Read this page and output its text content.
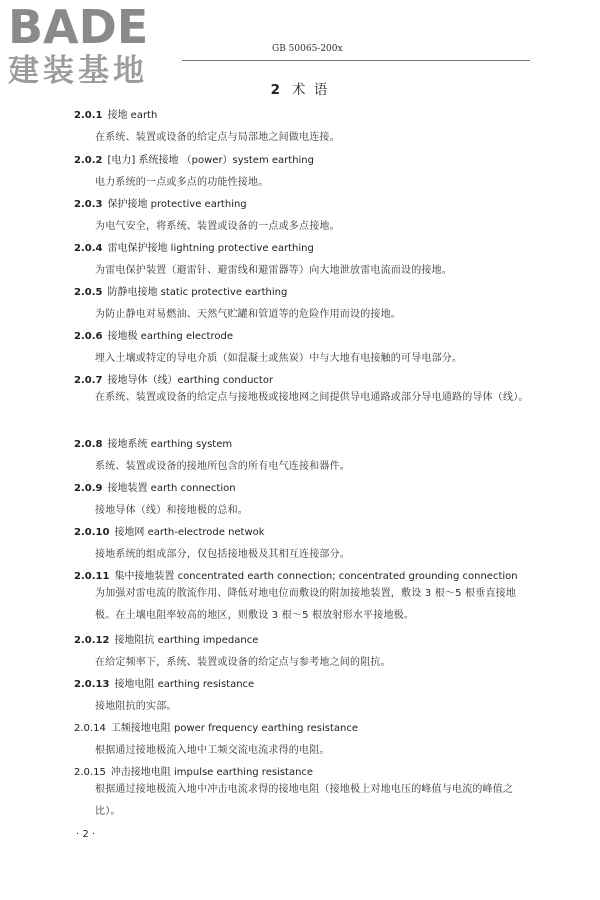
BADE
建装基地
GB 50065-200x
2 术 语
2.0.1 接地 earth
在系统、装置或设备的给定点与局部地之间做电连接。
2.0.2 [电力] 系统接地 （power）system earthing
电力系统的一点或多点的功能性接地。
2.0.3 保护接地 protective earthing
为电气安全，将系统、装置或设备的一点或多点接地。
2.0.4 雷电保护接地 lightning protective earthing
为雷电保护装置（避雷针、避雷线和避雷器等）向大地泄放雷电流而设的接地。
2.0.5 防静电接地 static protective earthing
为防止静电对易燃油、天然气贮罐和管道等的危险作用而设的接地。
2.0.6 接地极 earthing electrode
埋入土壤或特定的导电介质（如混凝土或焦炭）中与大地有电接触的可导电部分。
2.0.7 接地导体（线）earthing conductor
在系统、装置或设备的给定点与接地极或接地网之间提供导电通路或部分导电通路的导体（线）。
2.0.8 接地系统 earthing system
系统、装置或设备的接地所包含的所有电气连接和器件。
2.0.9 接地装置 earth connection
接地导体（线）和接地极的总和。
2.0.10 接地网 earth-electrode netwok
接地系统的组成部分，仅包括接地极及其相互连接部分。
2.0.11 集中接地装置 concentrated earth connection; concentrated grounding connection
为加强对雷电流的散流作用、降低对地电位而敷设的附加接地装置，敷设 3 根～5 根垂直接地极。在土壤电阻率较高的地区，则敷设 3 根～5 根放射形水平接地极。
2.0.12 接地阻抗 earthing impedance
在给定频率下，系统、装置或设备的给定点与参考地之间的阻抗。
2.0.13 接地电阻 earthing resistance
接地阻抗的实部。
2.0.14 工频接地电阻 power frequency earthing resistance
根据通过接地极流入地中工频交流电流求得的电阻。
2.0.15 冲击接地电阻 impulse earthing resistance
根据通过接地极流入地中冲击电流求得的接地电阻（接地极上对地电压的峰值与电流的峰值之比）。
· 2 ·
